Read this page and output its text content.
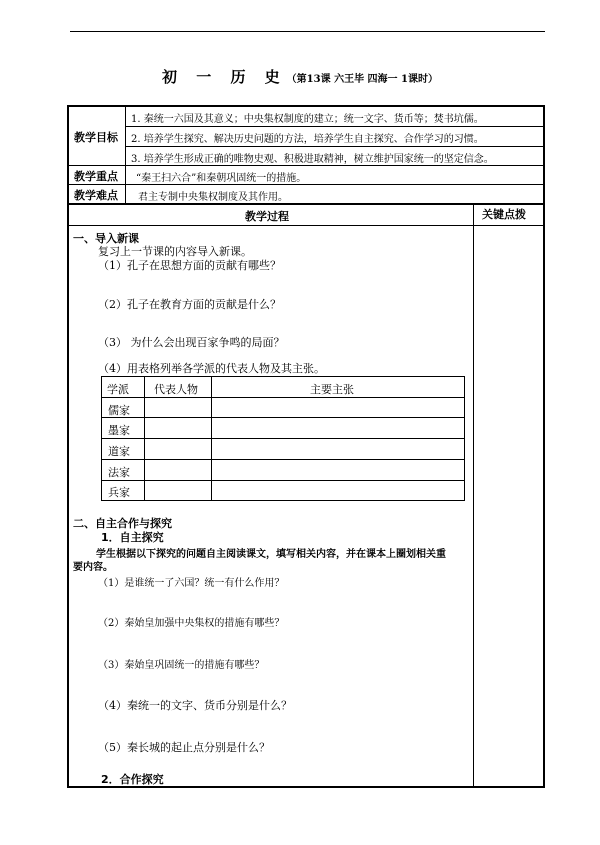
初 一 历 史（第13课 六王毕 四海一 1课时）
教学目标
1. 秦统一六国及其意义；中央集权制度的建立；统一文字、货币等；焚书坑儒。
2. 培养学生探究、解决历史问题的方法，培养学生自主探究、合作学习的习惯。
3. 培养学生形成正确的唯物史观、积极进取精神，树立维护国家统一的坚定信念。
教学重点 “秦王扫六合”和秦朝巩固统一的措施。
教学难点 君主专制中央集权制度及其作用。
教学过程	关键点拨
一、导入新课
复习上一节课的内容导入新课。
（1）孔子在思想方面的贡献有哪些？
（2）孔子在教育方面的贡献是什么？
（3） 为什么会出现百家争鸣的局面？
（4）用表格列举各学派的代表人物及其主张。
学派 代表人物	主要主张
儒家
墨家
道家
法家
兵家
二、自主合作与探究
1．自主探究
学生根据以下探究的问题自主阅读课文，填写相关内容，并在课本上圈划相关重
要内容。
（1）是谁统一了六国？统一有什么作用？
（2）秦始皇加强中央集权的措施有哪些？
（3）秦始皇巩固统一的措施有哪些？
（4）秦统一的文字、货币分别是什么？
（5）秦长城的起止点分别是什么？
2．合作探究
